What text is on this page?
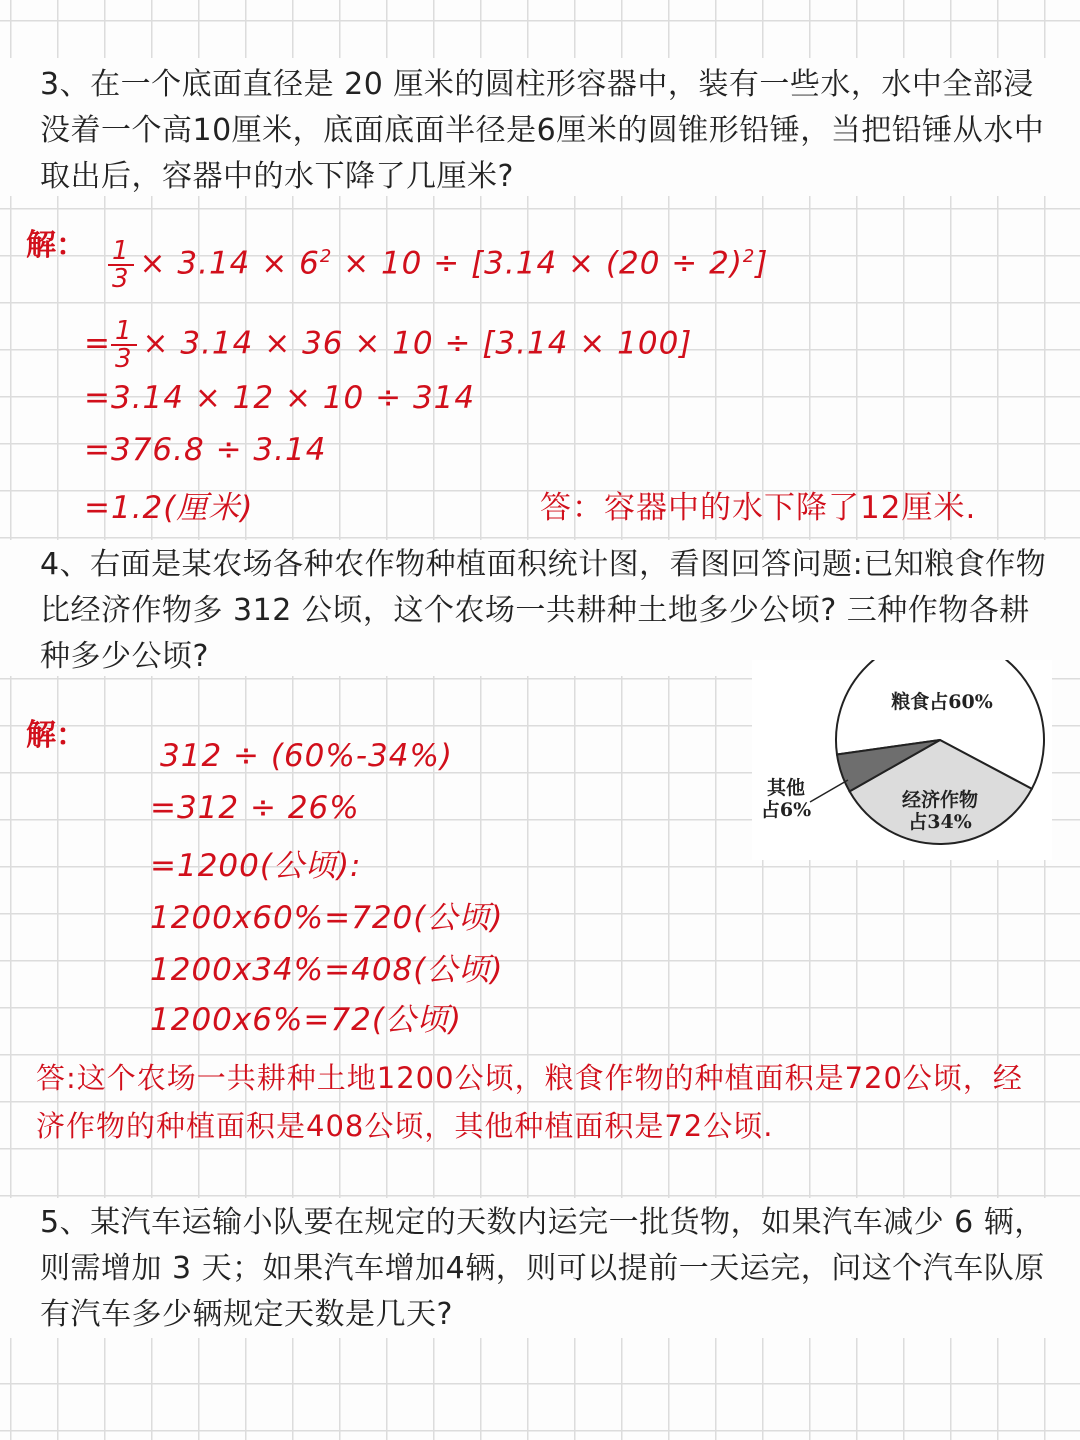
3、在一个底面直径是 20 厘米的圆柱形容器中，装有一些水，水中全部浸没着一个高10厘米，底面底面半径是6厘米的圆锥形铅锤，当把铅锤从水中取出后，容器中的水下降了几厘米?
解： $\frac{1}{3} \times 3.14 \times 6^2 \times 10 \div [3.14 \times (20 \div 2)^2]$
= $\frac{1}{3} \times 3.14 \times 36 \times 10 \div [3.14 \times 100]$
=3.14 × 12 × 10 ÷ 314
=376.8 ÷ 3.14
=1.2(厘米)	答：容器中的水下降了12厘米.
4、右面是某农场各种农作物种植面积统计图，看图回答问题:已知粮食作物比经济作物多 312 公顷，这个农场一共耕种土地多少公顷? 三种作物各耕种多少公顷?
解：
312 ÷ (60%-34%)
=312 ÷ 26%
=1200(公顷):
1200x60%=720(公顷)
1200x34%=408(公顷)
1200x6%=72(公顷)
答:这个农场一共耕种土地1200公顷，粮食作物的种植面积是720公顷，经济作物的种植面积是408公顷，其他种植面积是72公顷.
粮食占60%
经济作物占34%
其他占6%
5、某汽车运输小队要在规定的天数内运完一批货物，如果汽车减少 6 辆，则需增加 3 天；如果汽车增加4辆，则可以提前一天运完，问这个汽车队原有汽车多少辆规定天数是几天?
